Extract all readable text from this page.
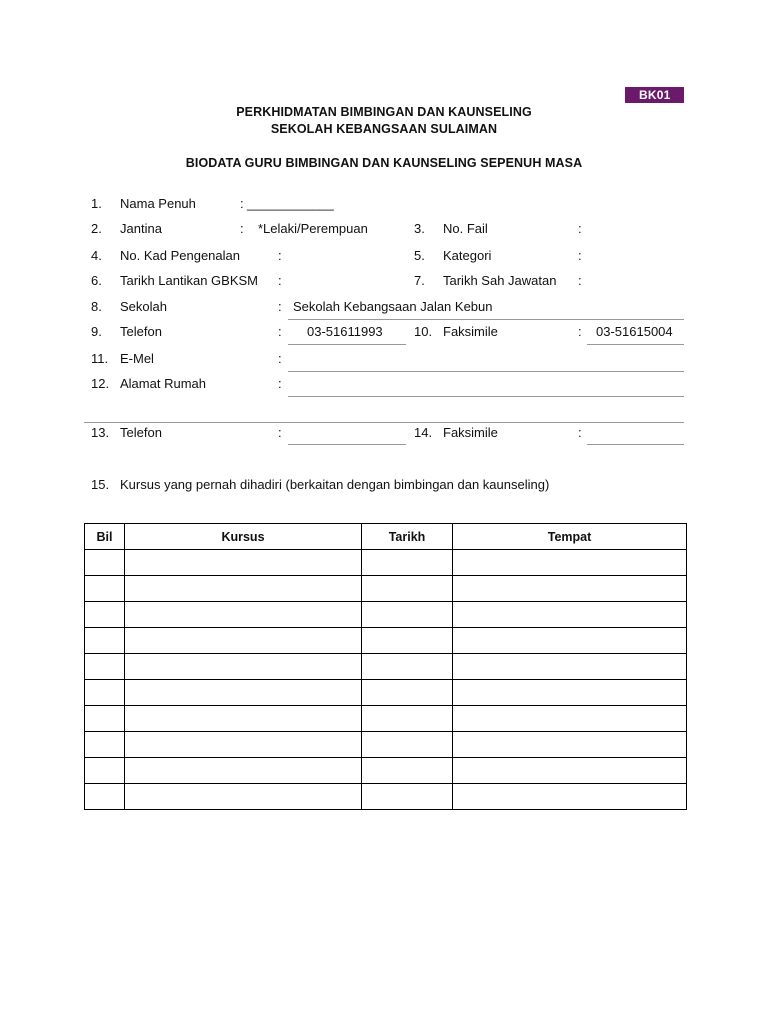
BK01
PERKHIDMATAN BIMBINGAN DAN KAUNSELING
SEKOLAH KEBANGSAAN SULAIMAN
BIODATA GURU BIMBINGAN DAN KAUNSELING SEPENUH MASA
1. Nama Penuh	: ____________
2. Jantina	: *Lelaki/Perempuan	3. No. Fail	:
4. No. Kad Pengenalan	:	5. Kategori	:
6. Tarikh Lantikan GBKSM :	7. Tarikh Sah Jawatan :
8. Sekolah	: Sekolah Kebangsaan Jalan Kebun
9. Telefon	: 03-51611993 10. Faksimile	: 03-51615004
11. E-Mel	:
12. Alamat Rumah	:
13. Telefon	:	14. Faksimile	:
15. Kursus yang pernah dihadiri (berkaitan dengan bimbingan dan kaunseling)
Bil	Kursus	Tarikh	Tempat
